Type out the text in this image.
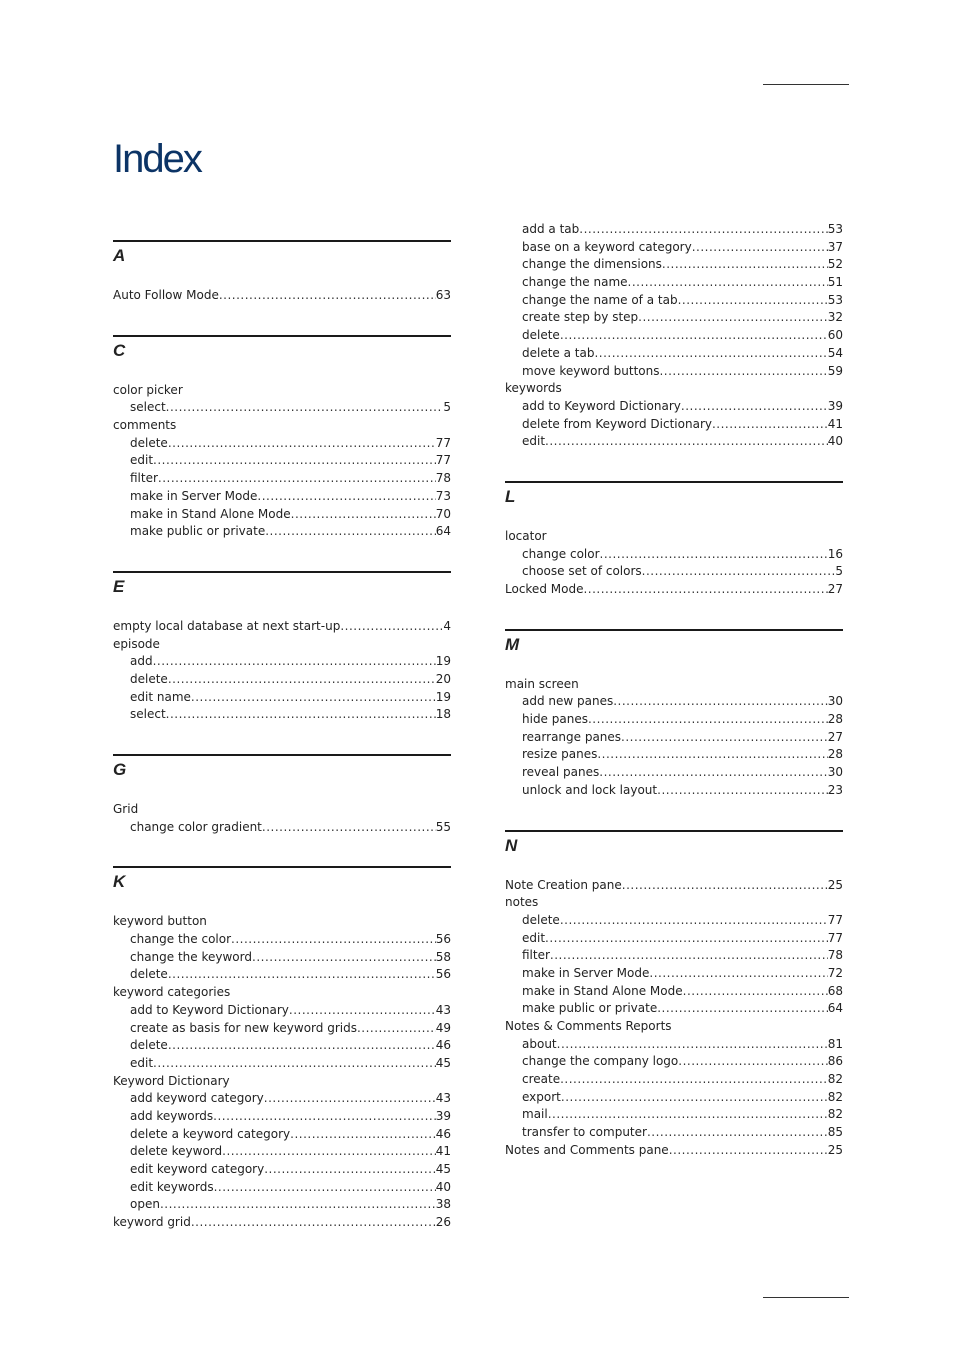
Index
A
Auto Follow Mode .....	63
C
color picker
select .....	5
comments
delete .....	77
edit .....	77
filter .....	78
make in Server Mode .....	73
make in Stand Alone Mode .....	70
make public or private .....	64
E
empty local database at next start-up .....	4
episode
add .....	19
delete .....	20
edit name .....	19
select .....	18
G
Grid
change color gradient .....	55
K
keyword button
change the color .....	56
change the keyword .....	58
delete .....	56
keyword categories
add to Keyword Dictionary .....	43
create as basis for new keyword grids .....	49
delete .....	46
edit .....	45
Keyword Dictionary
add keyword category .....	43
add keywords .....	39
delete a keyword category .....	46
delete keyword .....	41
edit keyword category .....	45
edit keywords .....	40
open .....	38
keyword grid .....	26
add a tab .....	53
base on a keyword category .....	37
change the dimensions .....	52
change the name .....	51
change the name of a tab .....	53
create step by step .....	32
delete .....	60
delete a tab .....	54
move keyword buttons .....	59
keywords
add to Keyword Dictionary .....	39
delete from Keyword Dictionary .....	41
edit .....	40
L
locator
change color .....	16
choose set of colors .....	5
Locked Mode .....	27
M
main screen
add new panes .....	30
hide panes .....	28
rearrange panes .....	27
resize panes .....	28
reveal panes .....	30
unlock and lock layout .....	23
N
Note Creation pane .....	25
notes
delete .....	77
edit .....	77
filter .....	78
make in Server Mode .....	72
make in Stand Alone Mode .....	68
make public or private .....	64
Notes & Comments Reports
about .....	81
change the company logo .....	86
create .....	82
export .....	82
mail .....	82
transfer to computer .....	85
Notes and Comments pane .....	25
